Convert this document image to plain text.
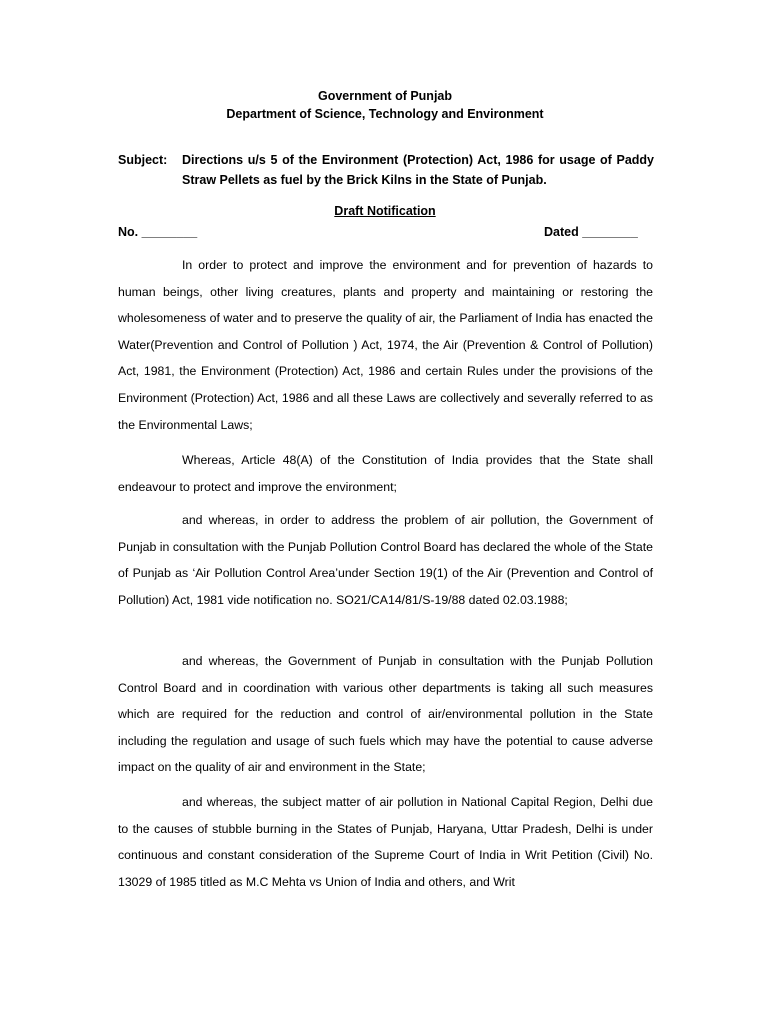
Government of Punjab
Department of Science, Technology and Environment
Subject: Directions u/s 5 of the Environment (Protection) Act, 1986 for usage of Paddy Straw Pellets as fuel by the Brick Kilns in the State of Punjab.
Draft Notification
No. ________	Dated ________
In order to protect and improve the environment and for prevention of hazards to human beings, other living creatures, plants and property and maintaining or restoring the wholesomeness of water and to preserve the quality of air, the Parliament of India has enacted the Water(Prevention and Control of Pollution ) Act, 1974, the Air (Prevention & Control of Pollution) Act, 1981, the Environment (Protection) Act, 1986 and certain Rules under the provisions of the Environment (Protection) Act, 1986 and all these Laws are collectively and severally referred to as the Environmental Laws;
Whereas, Article 48(A) of the Constitution of India provides that the State shall endeavour to protect and improve the environment;
and whereas, in order to address the problem of air pollution, the Government of Punjab in consultation with the Punjab Pollution Control Board has declared the whole of the State of Punjab as ‘Air Pollution Control Area’under Section 19(1) of the Air (Prevention and Control of Pollution) Act, 1981 vide notification no. SO21/CA14/81/S-19/88 dated 02.03.1988;
and whereas, the Government of Punjab in consultation with the Punjab Pollution Control Board and in coordination with various other departments is taking all such measures which are required for the reduction and control of air/environmental pollution in the State including the regulation and usage of such fuels which may have the potential to cause adverse impact on the quality of air and environment in the State;
and whereas, the subject matter of air pollution in National Capital Region, Delhi due to the causes of stubble burning in the States of Punjab, Haryana, Uttar Pradesh, Delhi is under continuous and constant consideration of the Supreme Court of India in Writ Petition (Civil) No. 13029 of 1985 titled as M.C Mehta vs Union of India and others, and Writ
